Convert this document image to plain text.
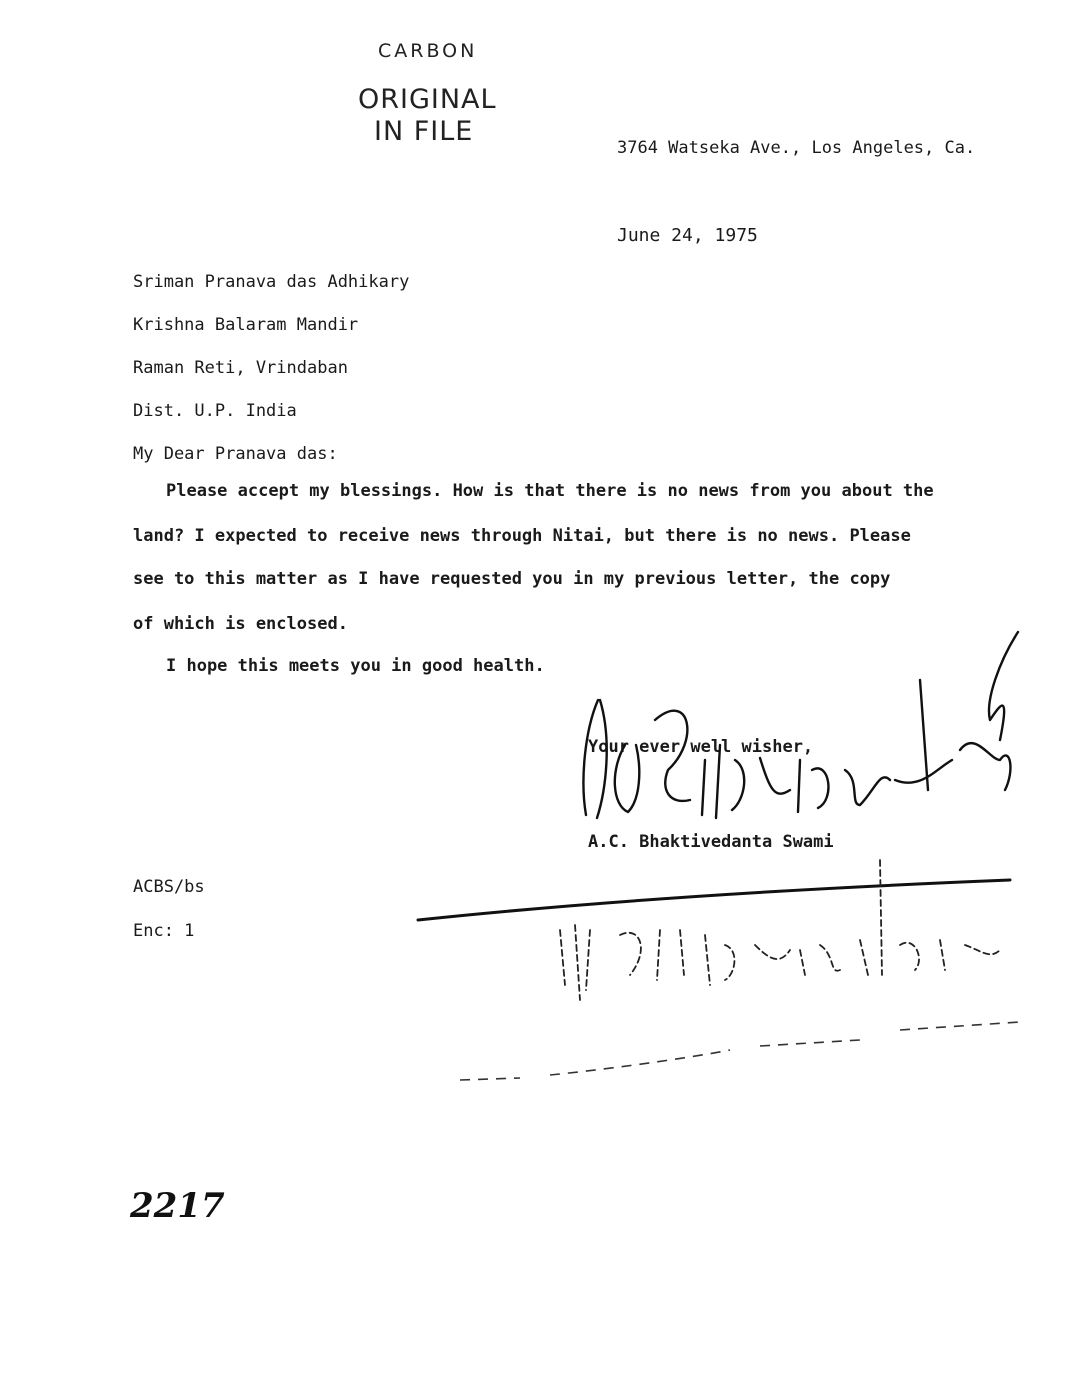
CARBON
ORIGINAL
IN FILE
3764 Watseka Ave., Los Angeles, Ca.
June 24, 1975
Sriman Pranava das Adhikary
Krishna Balaram Mandir
Raman Reti, Vrindaban
Dist. U.P. India
My Dear Pranava das:
Please accept my blessings. How is that there is no news from you about the
land? I expected to receive news through Nitai, but there is no news. Please
see to this matter as I have requested you in my previous letter, the copy
of which is enclosed.
I hope this meets you in good health.
Your ever well wisher,
A.C. Bhaktivedanta Swami
ACBS/bs
Enc: 1
2217
